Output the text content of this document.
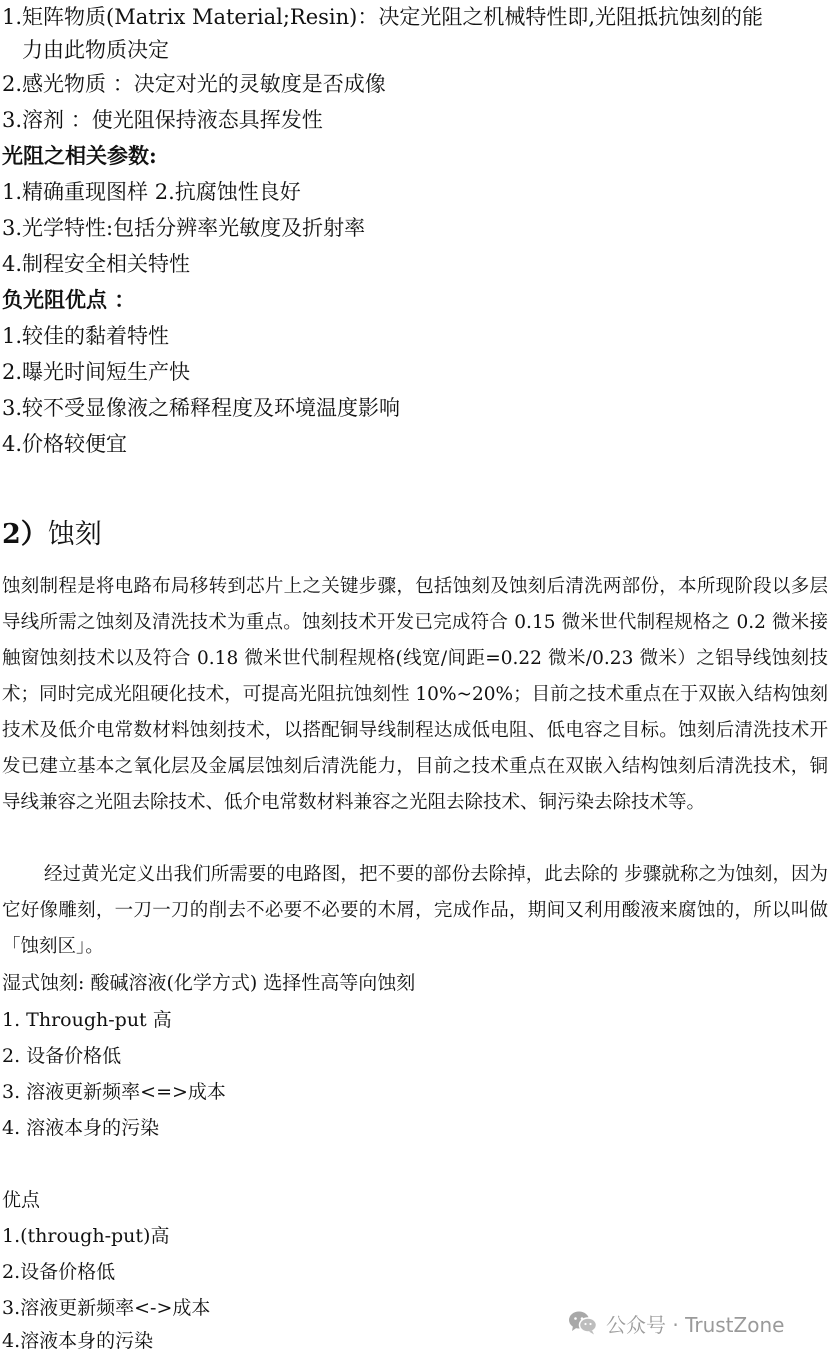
1.矩阵物质(Matrix Material;Resin)：决定光阻之机械特性即,光阻抵抗蚀刻的能
力由此物质决定
2.感光物质 ：决定对光的灵敏度是否成像
3.溶剂 ：使光阻保持液态具挥发性
光阻之相关参数:
1.精确重现图样 2.抗腐蚀性良好
3.光学特性:包括分辨率光敏度及折射率
4.制程安全相关特性
负光阻优点 ：
1.较佳的黏着特性
2.曝光时间短生产快
3.较不受显像液之稀释程度及环境温度影响
4.价格较便宜
2）蚀刻

蚀刻制程是将电路布局移转到芯片上之关键步骤，包括蚀刻及蚀刻后清洗两部份，本所现阶段以多层导线所需之蚀刻及清洗技术为重点。蚀刻技术开发已完成符合 0.15 微米世代制程规格之 0.2 微米接触窗蚀刻技术以及符合 0.18 微米世代制程规格(线宽/间距=0.22 微米/0.23 微米）之铝导线蚀刻技术；同时完成光阻硬化技术，可提高光阻抗蚀刻性 10%~20%；目前之技术重点在于双嵌入结构蚀刻技术及低介电常数材料蚀刻技术，以搭配铜导线制程达成低电阻、低电容之目标。蚀刻后清洗技术开发已建立基本之氧化层及金属层蚀刻后清洗能力，目前之技术重点在双嵌入结构蚀刻后清洗技术，铜导线兼容之光阻去除技术、低介电常数材料兼容之光阻去除技术、铜污染去除技术等。

经过黄光定义出我们所需要的电路图，把不要的部份去除掉，此去除的 步骤就称之为蚀刻，因为它好像雕刻，一刀一刀的削去不必要不必要的木屑，完成作品，期间又利用酸液来腐蚀的，所以叫做「蚀刻区」。

湿式蚀刻: 酸碱溶液(化学方式) 选择性高等向蚀刻
1. Through-put 高
2. 设备价格低
3. 溶液更新频率<=>成本
4. 溶液本身的污染
优点
1.(through-put)高
2.设备价格低
3.溶液更新频率<->成本
4.溶液本身的污染
公众号 · TrustZone
